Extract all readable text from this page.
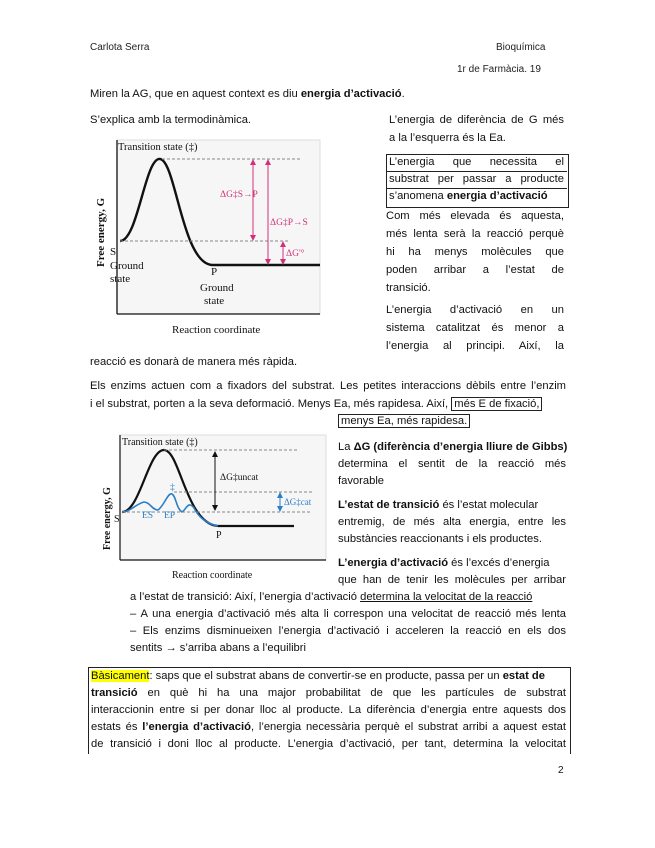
Carlota Serra	Bioquímica
1r de Farmàcia. 19
Miren la AG, que en aquest context es diu energia d’activació.
S’explica amb la termodinàmica.
Transition state (‡)
Free energy, G S
Ground
state
P
Ground
state
ΔG‡S→P
ΔG‡P→S
ΔG'°
Reaction coordinate
L’energia de diferència de G més
a la l’esquerra és la Ea.
L’energia que necessita el
substrat per passar a producte
s’anomena energia d’activació
Com més elevada és aquesta,
més lenta serà la reacció perquè
hi ha menys molècules que
poden arribar a l’estat de
transició.
L’energia d’activació en un
sistema catalitzat és menor a
l’energia al principi. Així, la
reacció es donarà de manera més ràpida.
Els enzims actuen com a fixadors del substrat. Les petites interaccions dèbils entre l’enzim
i el substrat, porten a la seva deformació. Menys Ea, més rapidesa. Així, més E de fixació,
menys Ea, més rapidesa.
Transition state (‡)
Free energy, G S
P
ES EP
‡
ΔG‡uncat
ΔG‡cat
Reaction coordinate
La ΔG (diferència d’energia lliure de Gibbs)
determina el sentit de la reacció més
favorable
L’estat de transició és l’estat molecular
entremig, de més alta energia, entre les
substàncies reaccionants i els productes.
L’energia d’activació és l’excés d’energia
que han de tenir les molècules per arribar
a l’estat de transició: Així, l’energia d’activació determina la velocitat de la reacció
– A una energia d’activació més alta li correspon una velocitat de reacció més lenta
– Els enzims disminueixen l’energia d’activació i acceleren la reacció en els dos
sentits → s’arriba abans a l’equilibri
Bàsicament: saps que el substrat abans de convertir-se en producte, passa per un estat de
transició en què hi ha una major probabilitat de que les partícules de substrat
interaccionin entre si per donar lloc al producte. La diferència d’energia entre aquests dos
estats és l’energia d’activació, l’energia necessària perquè el substrat arribi a aquest estat
de transició i doni lloc al producte. L’energia d’activació, per tant, determina la velocitat
2
